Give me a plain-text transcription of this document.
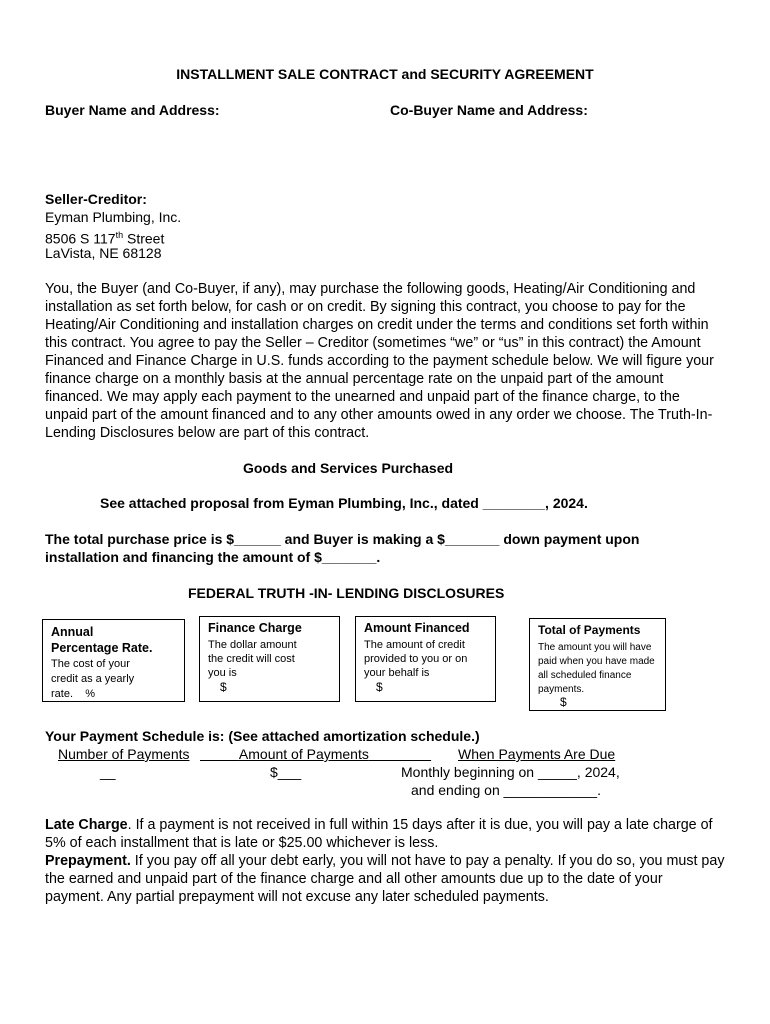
INSTALLMENT SALE CONTRACT and SECURITY AGREEMENT
Buyer Name and Address:	Co-Buyer Name and Address:
Seller-Creditor:
Eyman Plumbing, Inc.
8506 S 117th Street
LaVista, NE 68128
You, the Buyer (and Co-Buyer, if any), may purchase the following goods, Heating/Air Conditioning and installation as set forth below, for cash or on credit. By signing this contract, you choose to pay for the Heating/Air Conditioning and installation charges on credit under the terms and conditions set forth within this contract. You agree to pay the Seller – Creditor (sometimes “we” or “us” in this contract) the Amount Financed and Finance Charge in U.S. funds according to the payment schedule below. We will figure your finance charge on a monthly basis at the annual percentage rate on the unpaid part of the amount financed. We may apply each payment to the unearned and unpaid part of the finance charge, to the unpaid part of the amount financed and to any other amounts owed in any order we choose. The Truth-In-Lending Disclosures below are part of this contract.
Goods and Services Purchased
See attached proposal from Eyman Plumbing, Inc., dated ________, 2024.
The total purchase price is $______ and Buyer is making a $_______ down payment upon
installation and financing the amount of $_______.
FEDERAL TRUTH -IN- LENDING DISCLOSURES
Annual
Percentage Rate.
The cost of your
credit as a yearly
rate.    %
Finance Charge
The dollar amount
the credit will cost
you is
$
Amount Financed
The amount of credit
provided to you or on
your behalf is
$
Total of Payments
The amount you will have
paid when you have made
all scheduled finance
payments.
$
Your Payment Schedule is: (See attached amortization schedule.)
Number of Payments	Amount of Payments	When Payments Are Due
__	$___	Monthly beginning on _____, 2024,
and ending on ____________.
Late Charge. If a payment is not received in full within 15 days after it is due, you will pay a late charge of 5% of each installment that is late or $25.00 whichever is less.
Prepayment. If you pay off all your debt early, you will not have to pay a penalty. If you do so, you must pay the earned and unpaid part of the finance charge and all other amounts due up to the date of your payment. Any partial prepayment will not excuse any later scheduled payments.
